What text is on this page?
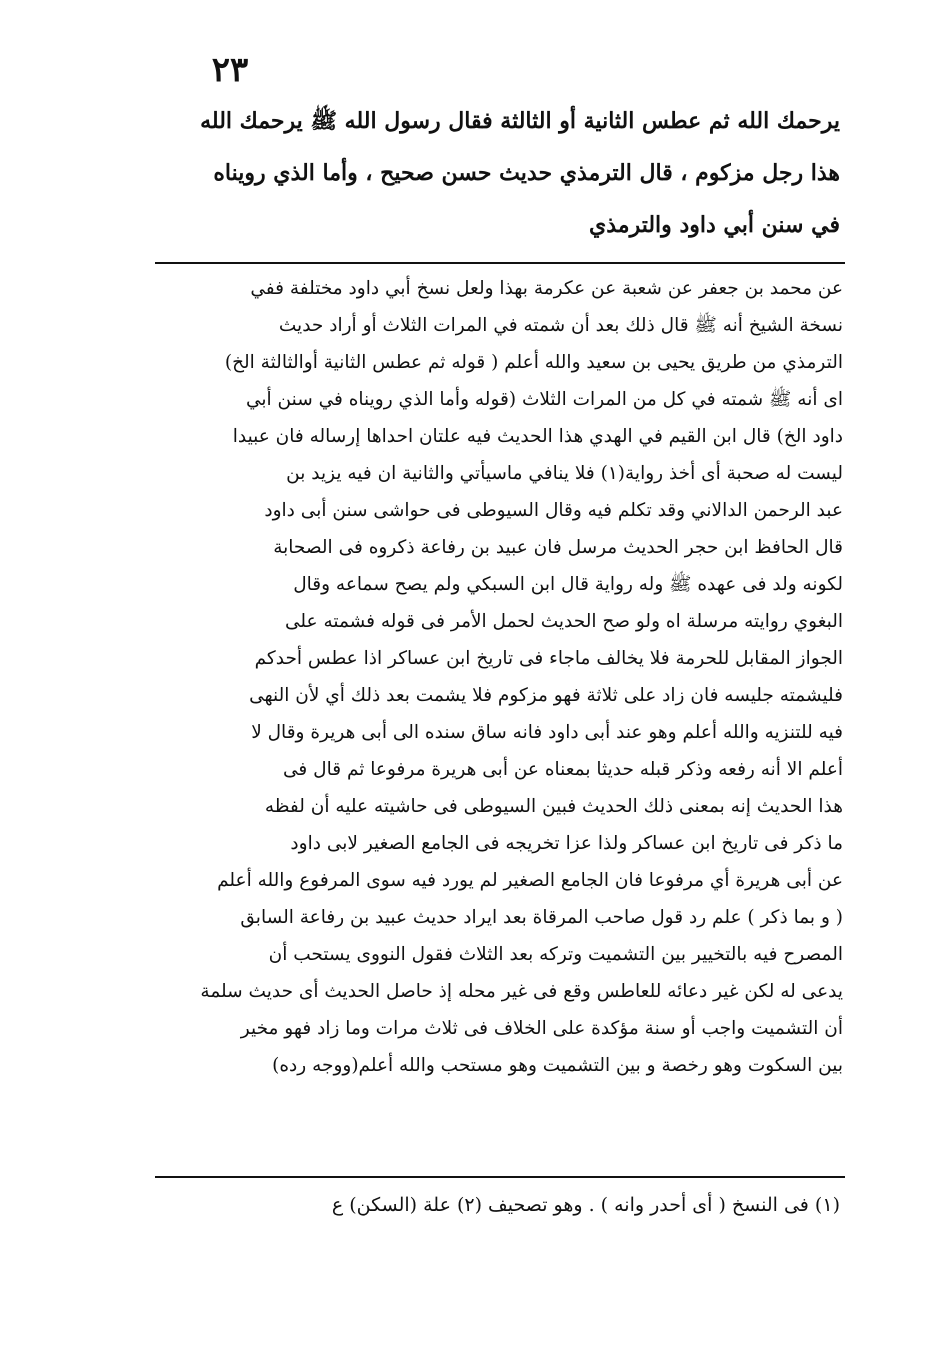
٢٣

يرحمك الله ثم عطس الثانية أو الثالثة فقال رسول الله ﷺ يرحمك الله

هذا رجل مزكوم ، قال الترمذي حديث حسن صحيح ، وأما الذي رويناه

في سنن أبي داود والترمذي

عن محمد بن جعفر عن شعبة عن عكرمة بهذا ولعل نسخ أبي داود مختلفة ففي

نسخة الشيخ أنه ﷺ قال ذلك بعد أن شمته في المرات الثلاث أو أراد حديث

الترمذي من طريق يحيى بن سعيد والله أعلم ( قوله ثم عطس الثانية أوالثالثة الخ)

اى أنه ﷺ شمته في كل من المرات الثلاث (قوله وأما الذي رويناه في سنن أبي

داود الخ) قال ابن القيم في الهدي هذا الحديث فيه علتان احداها إرساله فان عبيدا

ليست له صحبة أى أخذ رواية(١) فلا ينافي ماسيأتي والثانية ان فيه يزيد بن

عبد الرحمن الدالاني وقد تكلم فيه وقال السيوطى فى حواشى سنن أبى داود

قال الحافظ ابن حجر الحديث مرسل فان عبيد بن رفاعة ذكروه فى الصحابة

لكونه ولد فى عهده ﷺ وله رواية قال ابن السبكي ولم يصح سماعه وقال

البغوي روايته مرسلة اه ولو صح الحديث لحمل الأمر فى قوله فشمته على

الجواز المقابل للحرمة فلا يخالف ماجاء فى تاريخ ابن عساكر اذا عطس أحدكم

فليشمته جليسه فان زاد على ثلاثة فهو مزكوم فلا يشمت بعد ذلك أي لأن النهى

فيه للتنزيه والله أعلم وهو عند أبى داود فانه ساق سنده الى أبى هريرة وقال لا

أعلم الا أنه رفعه وذكر قبله حديثا بمعناه عن أبى هريرة مرفوعا ثم قال فى

هذا الحديث إنه بمعنى ذلك الحديث فبين السيوطى فى حاشيته عليه أن لفظه

ما ذكر فى تاريخ ابن عساكر ولذا عزا تخريجه فى الجامع الصغير لابى داود

عن أبى هريرة أي مرفوعا فان الجامع الصغير لم يورد فيه سوى المرفوع والله أعلم

( و بما ذكر ) علم رد قول صاحب المرقاة بعد ايراد حديث عبيد بن رفاعة السابق

المصرح فيه بالتخيير بين التشميت وتركه بعد الثلاث فقول النووى يستحب أن

يدعى له لكن غير دعائه للعاطس وقع فى غير محله إذ حاصل الحديث أى حديث سلمة

أن التشميت واجب أو سنة مؤكدة على الخلاف فى ثلاث مرات وما زاد فهو مخير

بين السكوت وهو رخصة و بين التشميت وهو مستحب والله أعلم(ووجه رده)

(١) فى النسخ ( أى أحدر وانه ) . وهو تصحيف (٢) علة (السكن) ع
